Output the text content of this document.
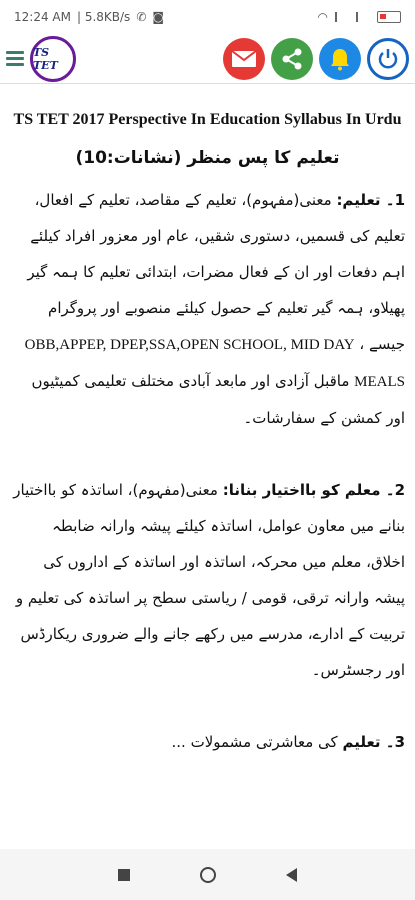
12:24 AM | 5.8KB/s ✆ ◙	◠
TS TET
TS TET 2017 Perspective In Education Syllabus In Urdu
تعلیم کا پس منظر (نشانات:10)
1۔ تعلیم: معنی(مفہوم)، تعلیم کے مقاصد، تعلیم کے افعال، تعلیم کی قسمیں، دستوری شقیں، عام اور معزور افراد کیلئے اہم دفعات اور ان کے فعال مضرات، ابتدائی تعلیم کا ہمہ گیر پھیلاو، ہمہ گیر تعلیم کے حصول کیلئے منصوبے اور پروگرام جیسے ، OBB,APPEP, DPEP,SSA,OPEN SCHOOL, MID DAY MEALS ماقبل آزادی اور مابعد آبادی مختلف تعلیمی کمیٹیوں اور کمشن کے سفارشات۔
2۔ معلم کو بااختیار بنانا: معنی(مفہوم)، اساتذہ کو بااختیار بنانے میں معاون عوامل، اساتذہ کیلئے پیشہ وارانہ ضابطہ اخلاق، معلم میں محرکہ، اساتذہ اور اساتذہ کے اداروں کی پیشہ وارانہ ترقی، قومی / ریاستی سطح پر اساتذہ کی تعلیم و تربیت کے ادارے، مدرسے میں رکھے جانے والے ضروری ریکارڈس اور رجسٹرس۔
3۔ تعلیم کی معاشرتی مشمولات ...
